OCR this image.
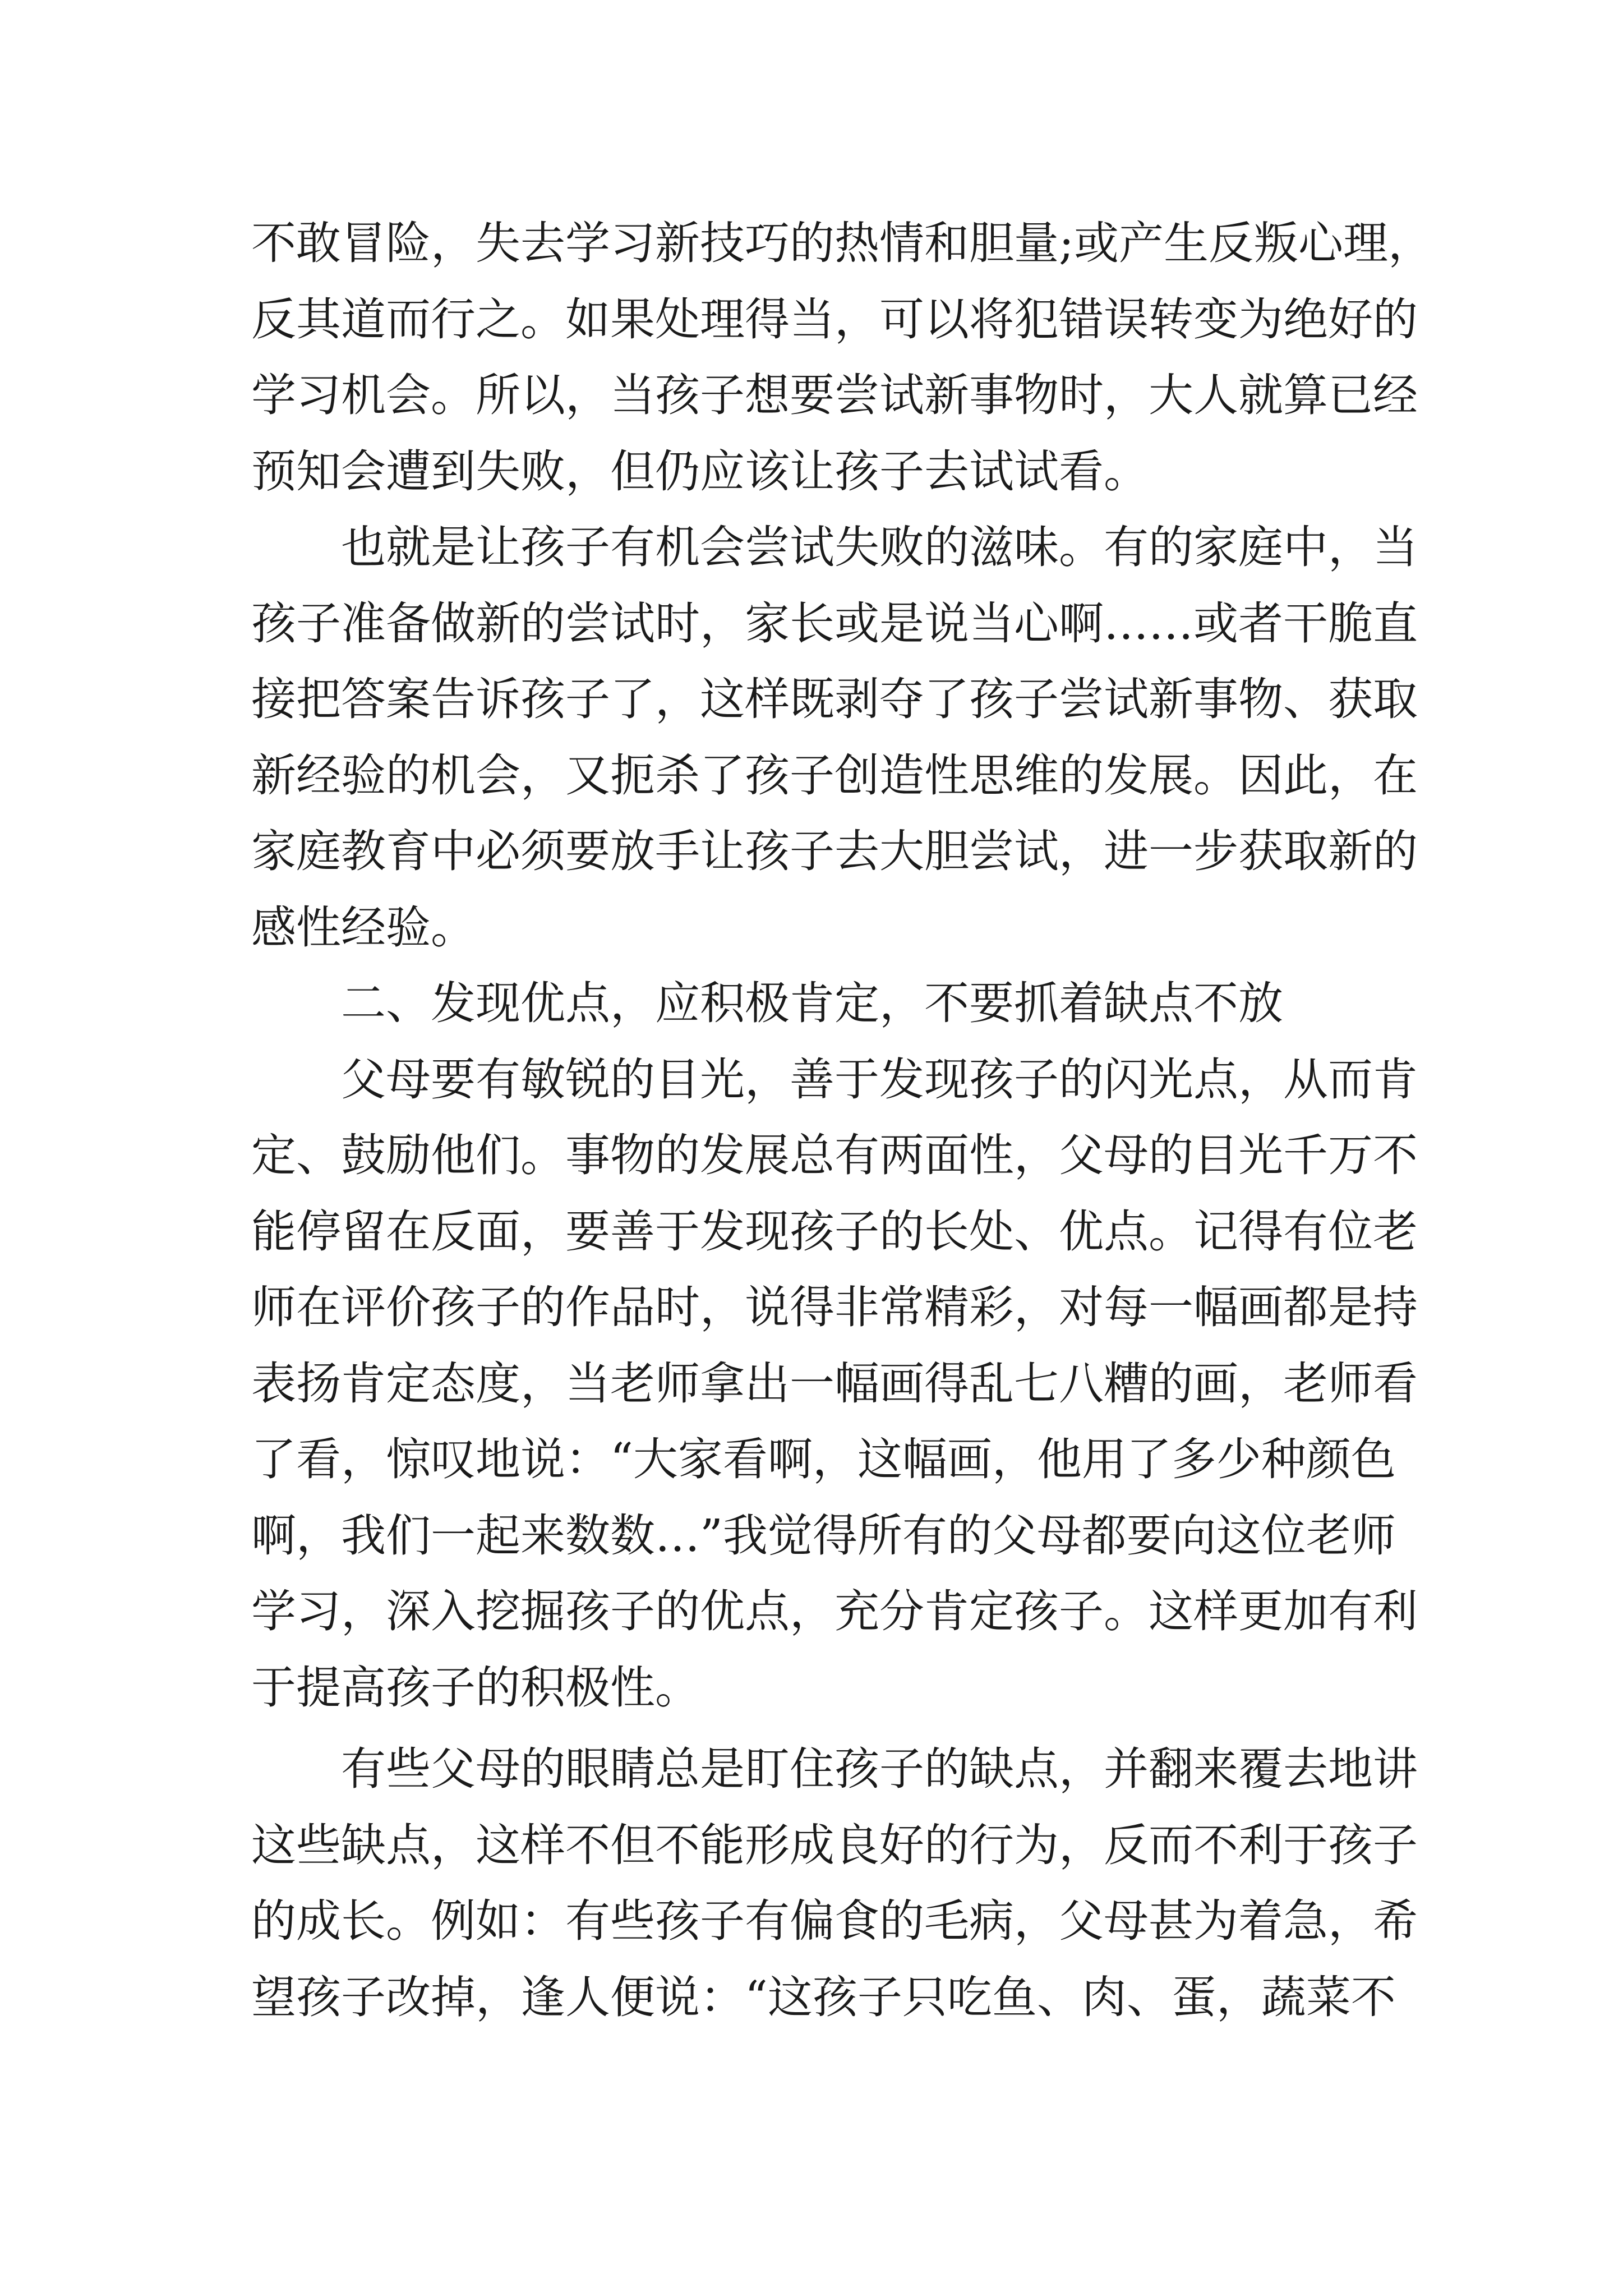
不敢冒险，失去学习新技巧的热情和胆量;或产生反叛心理，
反其道而行之。如果处理得当，可以将犯错误转变为绝好的
学习机会。所以，当孩子想要尝试新事物时，大人就算已经
预知会遭到失败，但仍应该让孩子去试试看。
也就是让孩子有机会尝试失败的滋味。有的家庭中，当
孩子准备做新的尝试时，家长或是说当心啊……或者干脆直
接把答案告诉孩子了，这样既剥夺了孩子尝试新事物、获取
新经验的机会，又扼杀了孩子创造性思维的发展。因此，在
家庭教育中必须要放手让孩子去大胆尝试，进一步获取新的
感性经验。
二、发现优点，应积极肯定，不要抓着缺点不放
父母要有敏锐的目光，善于发现孩子的闪光点，从而肯
定、鼓励他们。事物的发展总有两面性，父母的目光千万不
能停留在反面，要善于发现孩子的长处、优点。记得有位老
师在评价孩子的作品时，说得非常精彩，对每一幅画都是持
表扬肯定态度，当老师拿出一幅画得乱七八糟的画，老师看
了看，惊叹地说：“大家看啊，这幅画，他用了多少种颜色
啊，我们一起来数数…”我觉得所有的父母都要向这位老师
学习，深入挖掘孩子的优点，充分肯定孩子。这样更加有利
于提高孩子的积极性。
有些父母的眼睛总是盯住孩子的缺点，并翻来覆去地讲
这些缺点，这样不但不能形成良好的行为，反而不利于孩子
的成长。例如：有些孩子有偏食的毛病，父母甚为着急，希
望孩子改掉，逢人便说：“这孩子只吃鱼、肉、蛋，蔬菜不
